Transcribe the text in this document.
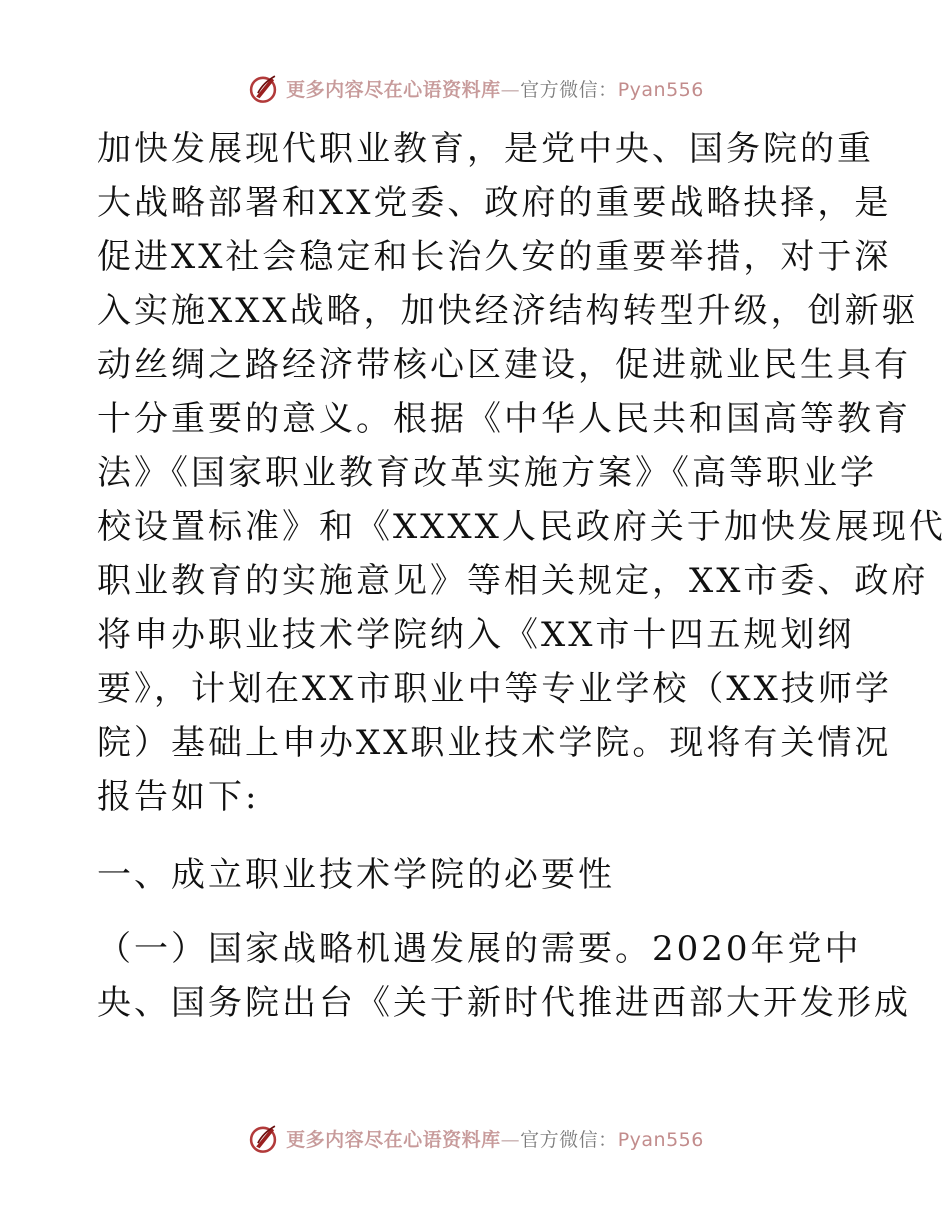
更多内容尽在心语资料库—官方微信：Pyan556

加快发展现代职业教育，是党中央、国务院的重
大战略部署和XX党委、政府的重要战略抉择，是
促进XX社会稳定和长治久安的重要举措，对于深
入实施XXX战略，加快经济结构转型升级，创新驱
动丝绸之路经济带核心区建设，促进就业民生具有
十分重要的意义。根据《中华人民共和国高等教育
法》《国家职业教育改革实施方案》《高等职业学
校设置标准》和《XXXX人民政府关于加快发展现代
职业教育的实施意见》等相关规定，XX市委、政府
将申办职业技术学院纳入《XX市十四五规划纲
要》，计划在XX市职业中等专业学校（XX技师学
院）基础上申办XX职业技术学院。现将有关情况
报告如下:

一、成立职业技术学院的必要性

（一）国家战略机遇发展的需要。2020年党中
央、国务院出台《关于新时代推进西部大开发形成

更多内容尽在心语资料库—官方微信：Pyan556
